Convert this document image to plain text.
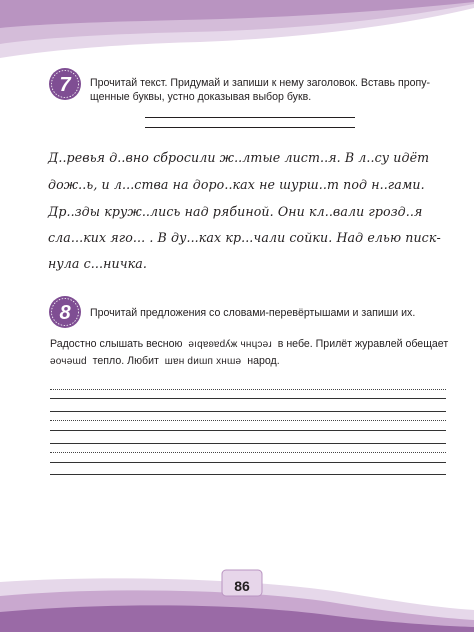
7 Прочитай текст. Придумай и запиши к нему заголовок. Вставь пропу-
щенные буквы, устно доказывая выбор букв.
Д..ревья д..вно сбросили ж..лтые лист..я. В л..су идёт
дож..ь, и л...ства на доро..ках не шурш..т под н..гами.
Др..зды круж..лись над рябиной. Они кл..вали грозд..я
сла...ких яго... . В ду...ках кр...чали сойки. Над елью писк-
нула с...ничка.
8 Прочитай предложения со словами-перевёртышами и запиши их.
Радостно слышать весною ǝıqɐʚɐdʎж чнɥɔǝɹ в небе. Прилёт журавлей обещает
ǝочǝɯd тепло. Любит шɐн dиɯп хнɯǝ народ.
86
